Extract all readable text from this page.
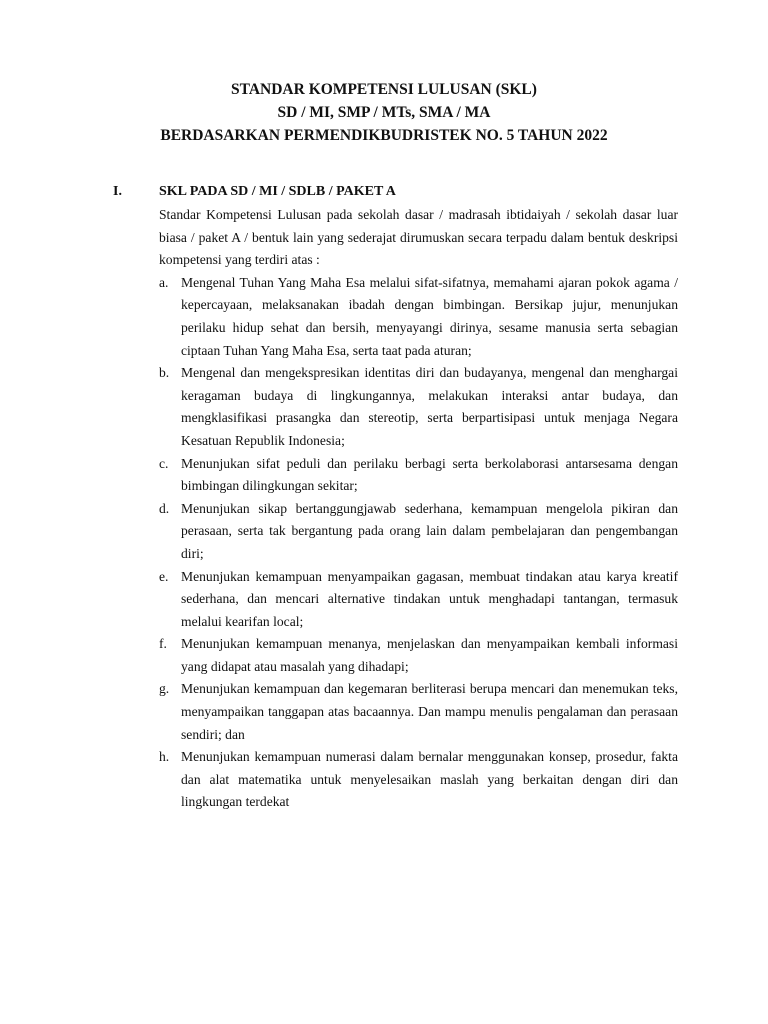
STANDAR KOMPETENSI LULUSAN (SKL)
SD / MI, SMP / MTs, SMA / MA
BERDASARKAN PERMENDIKBUDRISTEK NO. 5 TAHUN 2022
I.	SKL PADA SD / MI / SDLB / PAKET A

Standar Kompetensi Lulusan pada sekolah dasar / madrasah ibtidaiyah / sekolah dasar luar biasa / paket A / bentuk lain yang sederajat dirumuskan secara terpadu dalam bentuk deskripsi kompetensi yang terdiri atas :

a. Mengenal Tuhan Yang Maha Esa melalui sifat-sifatnya, memahami ajaran pokok agama / kepercayaan, melaksanakan ibadah dengan bimbingan. Bersikap jujur, menunjukan perilaku hidup sehat dan bersih, menyayangi dirinya, sesame manusia serta sebagian ciptaan Tuhan Yang Maha Esa, serta taat pada aturan;
b. Mengenal dan mengekspresikan identitas diri dan budayanya, mengenal dan menghargai keragaman budaya di lingkungannya, melakukan interaksi antar budaya, dan mengklasifikasi prasangka dan stereotip, serta berpartisipasi untuk menjaga Negara Kesatuan Republik Indonesia;
c. Menunjukan sifat peduli dan perilaku berbagi serta berkolaborasi antarsesama dengan bimbingan dilingkungan sekitar;
d. Menunjukan sikap bertanggungjawab sederhana, kemampuan mengelola pikiran dan perasaan, serta tak bergantung pada orang lain dalam pembelajaran dan pengembangan diri;
e. Menunjukan kemampuan menyampaikan gagasan, membuat tindakan atau karya kreatif sederhana, dan mencari alternative tindakan untuk menghadapi tantangan, termasuk melalui kearifan local;
f. Menunjukan kemampuan menanya, menjelaskan dan menyampaikan kembali informasi yang didapat atau masalah yang dihadapi;
g. Menunjukan kemampuan dan kegemaran berliterasi berupa mencari dan menemukan teks, menyampaikan tanggapan atas bacaannya. Dan mampu menulis pengalaman dan perasaan sendiri; dan
h. Menunjukan kemampuan numerasi dalam bernalar menggunakan konsep, prosedur, fakta dan alat matematika untuk menyelesaikan maslah yang berkaitan dengan diri dan lingkungan terdekat
